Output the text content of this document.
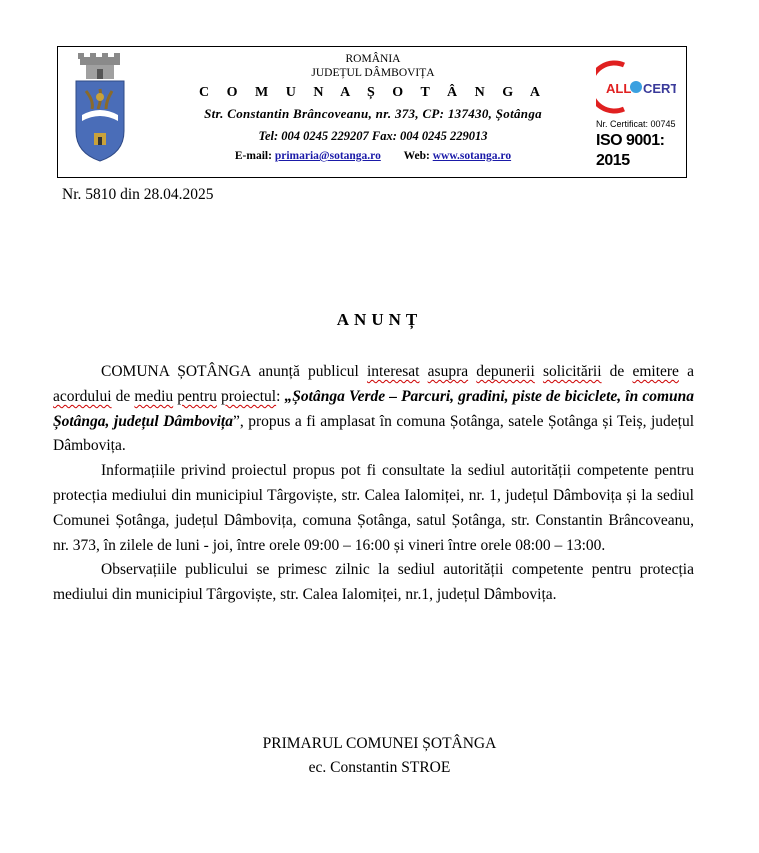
ROMÂNIA
JUDEȚUL DÂMBOVIȚA
C O M U N A Ș O T Â N G A
Str. Constantin Brâncoveanu, nr. 373, CP: 137430, Șotânga
Tel: 004 0245 229207 Fax: 004 0245 229013
E-mail: primaria@sotanga.ro Web: www.sotanga.ro
ALL CERT
Nr. Certificat: 00745
ISO 9001: 2015
Nr. 5810 din 28.04.2025
ANUNȚ

COMUNA ȘOTÂNGA anunță publicul interesat asupra depunerii solicitării de emitere a acordului de mediu pentru proiectul: „Șotânga Verde – Parcuri, gradini, piste de biciclete, în comuna Șotânga, județul Dâmbovița”, propus a fi amplasat în comuna Șotânga, satele Șotânga și Teiș, județul Dâmbovița.

Informațiile privind proiectul propus pot fi consultate la sediul autorității competente pentru protecția mediului din municipiul Târgoviște, str. Calea Ialomiței, nr. 1, județul Dâmbovița și la sediul Comunei Șotânga, județul Dâmbovița, comuna Șotânga, satul Șotânga, str. Constantin Brâncoveanu, nr. 373, în zilele de luni - joi, între orele 09:00 – 16:00 și vineri între orele 08:00 – 13:00.

Observațiile publicului se primesc zilnic la sediul autorității competente pentru protecția mediului din municipiul Târgoviște, str. Calea Ialomiței, nr.1, județul Dâmbovița.

PRIMARUL COMUNEI ȘOTÂNGA
ec. Constantin STROE
